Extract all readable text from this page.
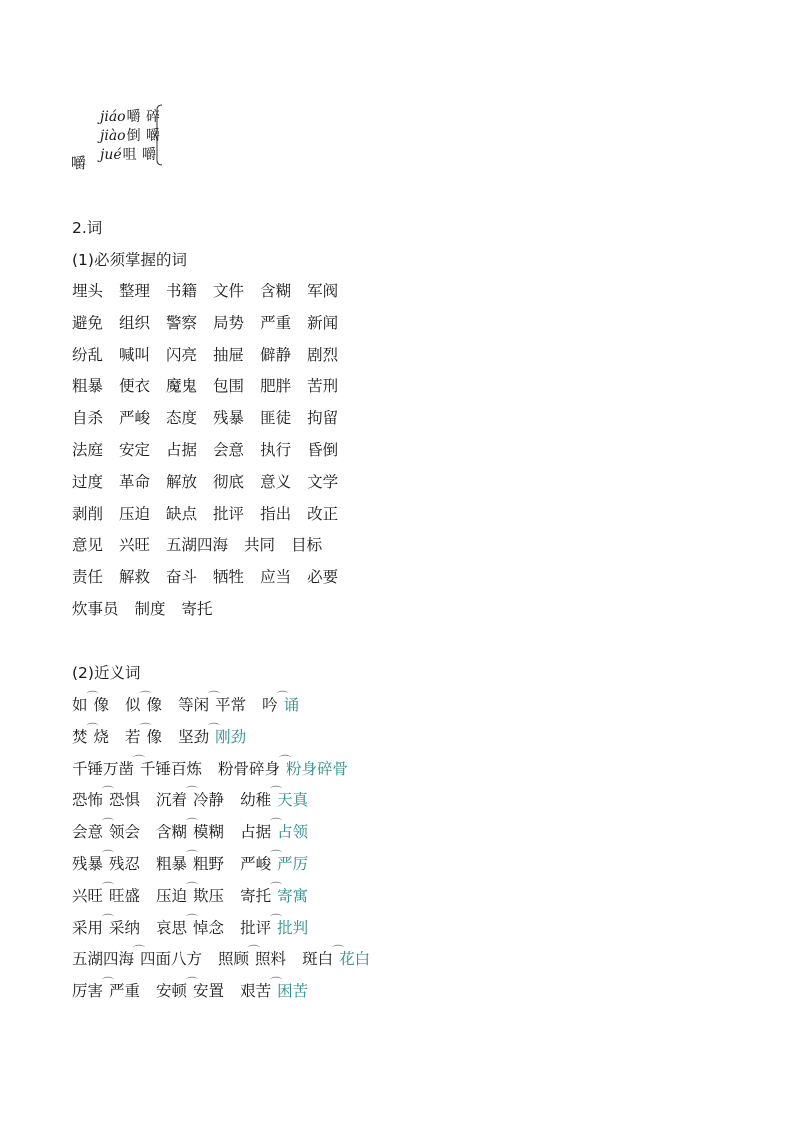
嚼
jiáo嚼 碎
jiào倒 嚼
jué咀 嚼
2.词
(1)必须掌握的词
埋头 整理 书籍 文件 含糊 军阀
避免 组织 警察 局势 严重 新闻
纷乱 喊叫 闪亮 抽屉 僻静 剧烈
粗暴 便衣 魔鬼 包围 肥胖 苦刑
自杀 严峻 态度 残暴 匪徒 拘留
法庭 安定 占据 会意 执行 昏倒
过度 革命 解放 彻底 意义 文学
剥削 压迫 缺点 批评 指出 改正
意见 兴旺 五湖四海 共同 目标
责任 解救 奋斗 牺牲 应当 必要
炊事员 制度 寄托
(2)近义词
如⌒像 似⌒像 等闲⌒平常 吟⌒诵
焚⌒烧 若⌒像 坚劲⌒刚劲
千锤万凿⌒千锤百炼 粉骨碎身⌒粉身碎骨
恐怖⌒恐惧 沉着⌒冷静 幼稚⌒天真
会意⌒领会 含糊⌒模糊 占据⌒占领
残暴⌒残忍 粗暴⌒粗野 严峻⌒严厉
兴旺⌒旺盛 压迫⌒欺压 寄托⌒寄寓
采用⌒采纳 哀思⌒悼念 批评⌒批判
五湖四海⌒四面八方 照顾⌒照料 斑白⌒花白
厉害⌒严重 安顿⌒安置 艰苦⌒困苦
